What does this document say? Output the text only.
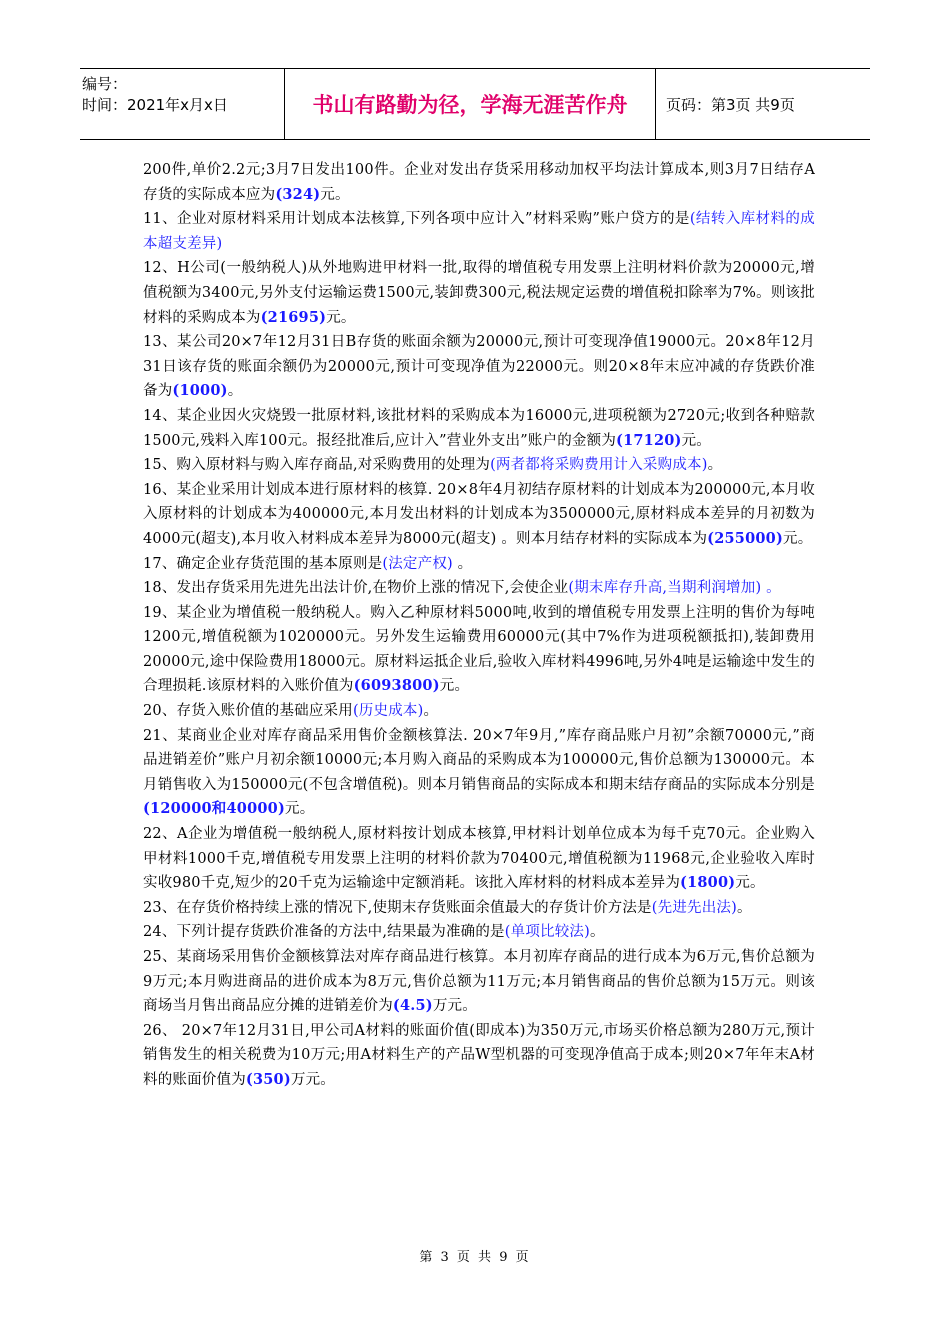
编号：
时间：2021年x月x日	书山有路勤为径，学海无涯苦作舟	页码：第3页 共9页

200件,单价2.2元;3月7日发出100件。企业对发出存货采用移动加权平均法计算成本,则3月7日结存A存货的实际成本应为(324)元。

11、企业对原材料采用计划成本法核算,下列各项中应计入”材料采购”账户贷方的是(结转入库材料的成本超支差异)

12、H公司(一般纳税人)从外地购进甲材料一批,取得的增值税专用发票上注明材料价款为20000元,增值税额为3400元,另外支付运输运费1500元,装卸费300元,税法规定运费的增值税扣除率为7%。则该批材料的采购成本为(21695)元。

13、某公司20×7年12月31日B存货的账面余额为20000元,预计可变现净值19000元。20×8年12月31日该存货的账面余额仍为20000元,预计可变现净值为22000元。则20×8年末应冲减的存货跌价准备为(1000)。

14、某企业因火灾烧毁一批原材料,该批材料的采购成本为16000元,进项税额为2720元;收到各种赔款1500元,残料入库100元。报经批准后,应计入”营业外支出”账户的金额为(17120)元。

15、购入原材料与购入库存商品,对采购费用的处理为(两者都将采购费用计入采购成本)。

16、某企业采用计划成本进行原材料的核算. 20×8年4月初结存原材料的计划成本为200000元,本月收入原材料的计划成本为400000元,本月发出材料的计划成本为3500000元,原材料成本差异的月初数为4000元(超支),本月收入材料成本差异为8000元(超支) 。则本月结存材料的实际成本为(255000)元。

17、确定企业存货范围的基本原则是(法定产权) 。

18、发出存货采用先进先出法计价,在物价上涨的情况下,会使企业(期末库存升高,当期利润增加) 。

19、某企业为增值税一般纳税人。购入乙种原材料5000吨,收到的增值税专用发票上注明的售价为每吨1200元,增值税额为1020000元。另外发生运输费用60000元(其中7%作为进项税额抵扣),装卸费用20000元,途中保险费用18000元。原材料运抵企业后,验收入库材料4996吨,另外4吨是运输途中发生的合理损耗.该原材料的入账价值为(6093800)元。

20、存货入账价值的基础应采用(历史成本)。

21、某商业企业对库存商品采用售价金额核算法. 20×7年9月,”库存商品账户月初”余额70000元,”商品进销差价”账户月初余额10000元;本月购入商品的采购成本为100000元,售价总额为130000元。本月销售收入为150000元(不包含增值税)。则本月销售商品的实际成本和期末结存商品的实际成本分别是(120000和40000)元。

22、A企业为增值税一般纳税人,原材料按计划成本核算,甲材料计划单位成本为每千克70元。企业购入甲材料1000千克,增值税专用发票上注明的材料价款为70400元,增值税额为11968元,企业验收入库时实收980千克,短少的20千克为运输途中定额消耗。该批入库材料的材料成本差异为(1800)元。

23、在存货价格持续上涨的情况下,使期末存货账面余值最大的存货计价方法是(先进先出法)。

24、下列计提存货跌价准备的方法中,结果最为准确的是(单项比较法)。

25、某商场采用售价金额核算法对库存商品进行核算。本月初库存商品的进行成本为6万元,售价总额为9万元;本月购进商品的进价成本为8万元,售价总额为11万元;本月销售商品的售价总额为15万元。则该商场当月售出商品应分摊的进销差价为(4.5)万元。

26、 20×7年12月31日,甲公司A材料的账面价值(即成本)为350万元,市场买价格总额为280万元,预计销售发生的相关税费为10万元;用A材料生产的产品W型机器的可变现净值高于成本;则20×7年年末A材料的账面价值为(350)万元。

第 3 页 共 9 页
